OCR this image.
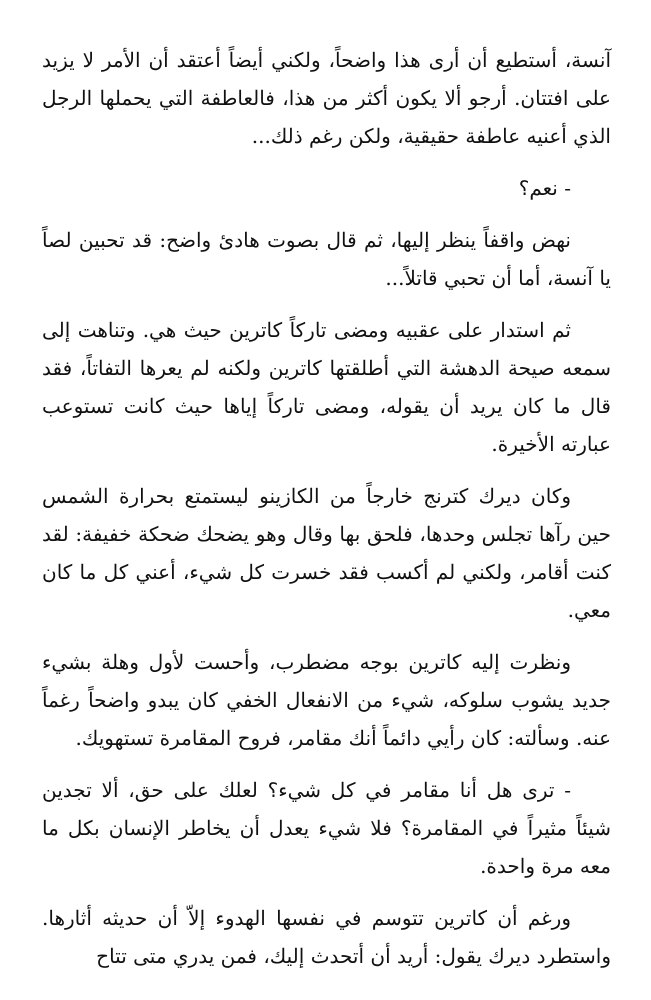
آنسة، أستطيع أن أرى هذا واضحاً، ولكني أيضاً أعتقد أن الأمر لا يزيد على افتتان. أرجو ألا يكون أكثر من هذا، فالعاطفة التي يحملها الرجل الذي أعنيه عاطفة حقيقية، ولكن رغم ذلك...

- نعم؟

نهض واقفاً ينظر إليها، ثم قال بصوت هادئ واضح: قد تحبين لصاً يا آنسة، أما أن تحبي قاتلاً...

ثم استدار على عقبيه ومضى تاركاً كاترين حيث هي. وتناهت إلى سمعه صيحة الدهشة التي أطلقتها كاترين ولكنه لم يعرها التفاتاً، فقد قال ما كان يريد أن يقوله، ومضى تاركاً إياها حيث كانت تستوعب عبارته الأخيرة.

وكان ديرك كترنج خارجاً من الكازينو ليستمتع بحرارة الشمس حين رآها تجلس وحدها، فلحق بها وقال وهو يضحك ضحكة خفيفة: لقد كنت أقامر، ولكني لم أكسب فقد خسرت كل شيء، أعني كل ما كان معي.

ونظرت إليه كاترين بوجه مضطرب، وأحست لأول وهلة بشيء جديد يشوب سلوكه، شيء من الانفعال الخفي كان يبدو واضحاً رغماً عنه. وسألته: كان رأيي دائماً أنك مقامر، فروح المقامرة تستهويك.

- ترى هل أنا مقامر في كل شيء؟ لعلك على حق، ألا تجدين شيئاً مثيراً في المقامرة؟ فلا شيء يعدل أن يخاطر الإنسان بكل ما معه مرة واحدة.

ورغم أن كاترين تتوسم في نفسها الهدوء إلاّ أن حديثه أثارها. واستطرد ديرك يقول: أريد أن أتحدث إليك، فمن يدري متى تتاح
